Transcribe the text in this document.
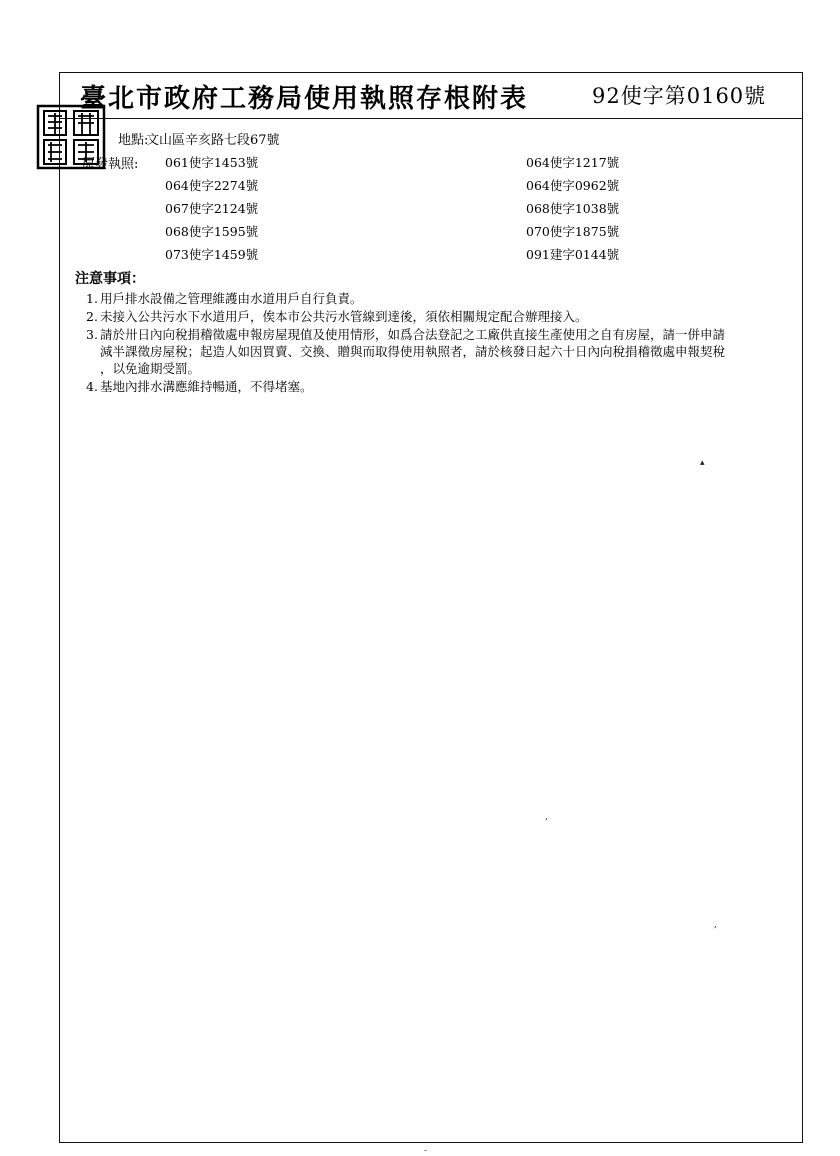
臺北市政府工務局使用執照存根附表	92使字第0160號
地點:
文山區辛亥路七段67號
原發執照: 061使字1453號	064使字1217號
064使字2274號	064使字0962號
067使字2124號	068使字1038號
068使字1595號	070使字1875號
073使字1459號	091建字0144號
注意事項：
1. 用戶排水設備之管理維護由水道用戶自行負責。
2. 未接入公共污水下水道用戶，俟本市公共污水管線到達後，須依相關規定配合辦理接入。
3. 請於卅日內向稅捐稽徵處申報房屋現值及使用情形，如爲合法登記之工廠供直接生產使用之自有房屋，請一併申請
減半課徵房屋稅；起造人如因買賣、交換、贈與而取得使用執照者，請於核發日起六十日內向稅捐稽徵處申報契稅
，以免逾期受罰。
4. 基地內排水溝應維持暢通，不得堵塞。
▴
,
,
-
